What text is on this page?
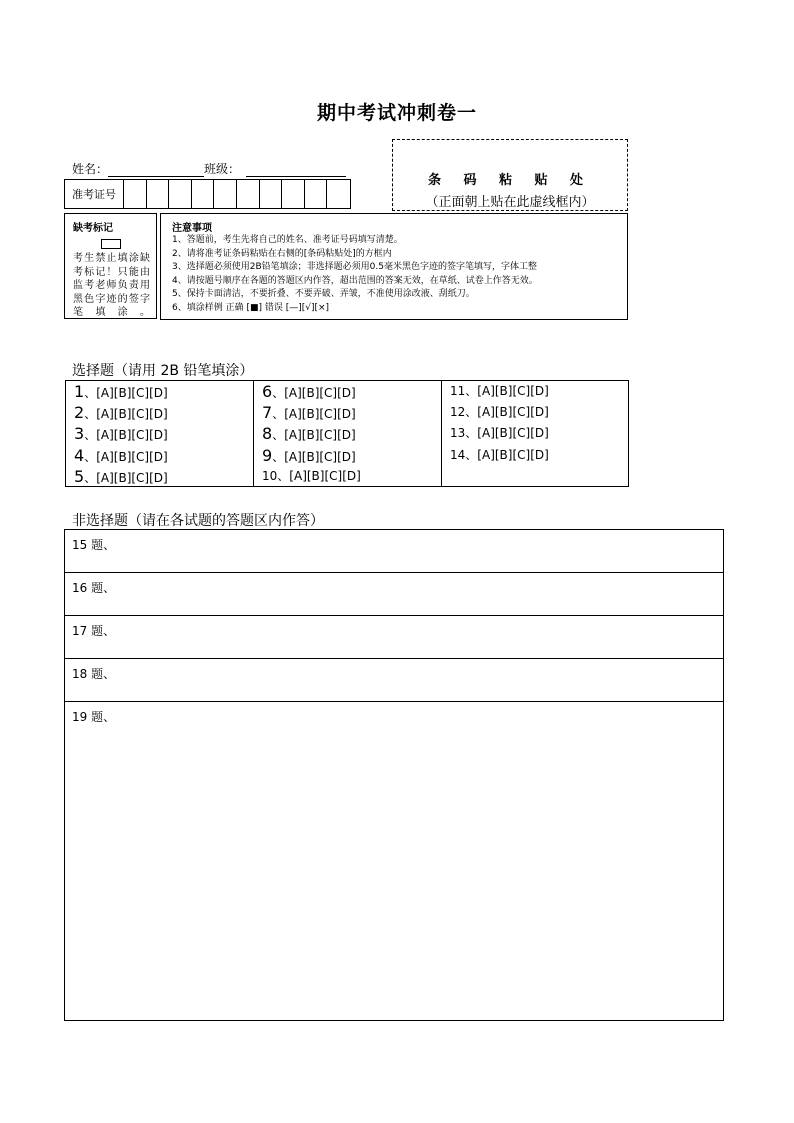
期中考试冲刺卷一
姓名：	班级：
准考证号
条 码 粘 贴 处
（正面朝上贴在此虚线框内）
缺考标记
考生禁止填涂缺考标记！只能由监考老师负责用黑色字迹的签字笔填涂。
注意事项
1、答题前，考生先将自己的姓名、准考证号码填写清楚。
2、请将准考证条码粘贴在右侧的[条码粘贴处]的方框内
3、选择题必须使用2B铅笔填涂；非选择题必须用0.5毫米黑色字迹的签字笔填写，字体工整
4、请按题号顺序在各题的答题区内作答，超出范围的答案无效，在草纸、试卷上作答无效。
5、保持卡面清洁，不要折叠、不要弄破、弄皱，不准使用涂改液、刮纸刀。
6、填涂样例 正确 [■] 错误 [—][√][×]
选择题（请用 2B 铅笔填涂）
1、[A][B][C][D]
2、[A][B][C][D]
3、[A][B][C][D]
4、[A][B][C][D]
5、[A][B][C][D]
6、[A][B][C][D]
7、[A][B][C][D]
8、[A][B][C][D]
9、[A][B][C][D]
10、[A][B][C][D]
11、[A][B][C][D]
12、[A][B][C][D]
13、[A][B][C][D]
14、[A][B][C][D]
非选择题（请在各试题的答题区内作答）
15 题、
16 题、
17 题、
18 题、
19 题、
